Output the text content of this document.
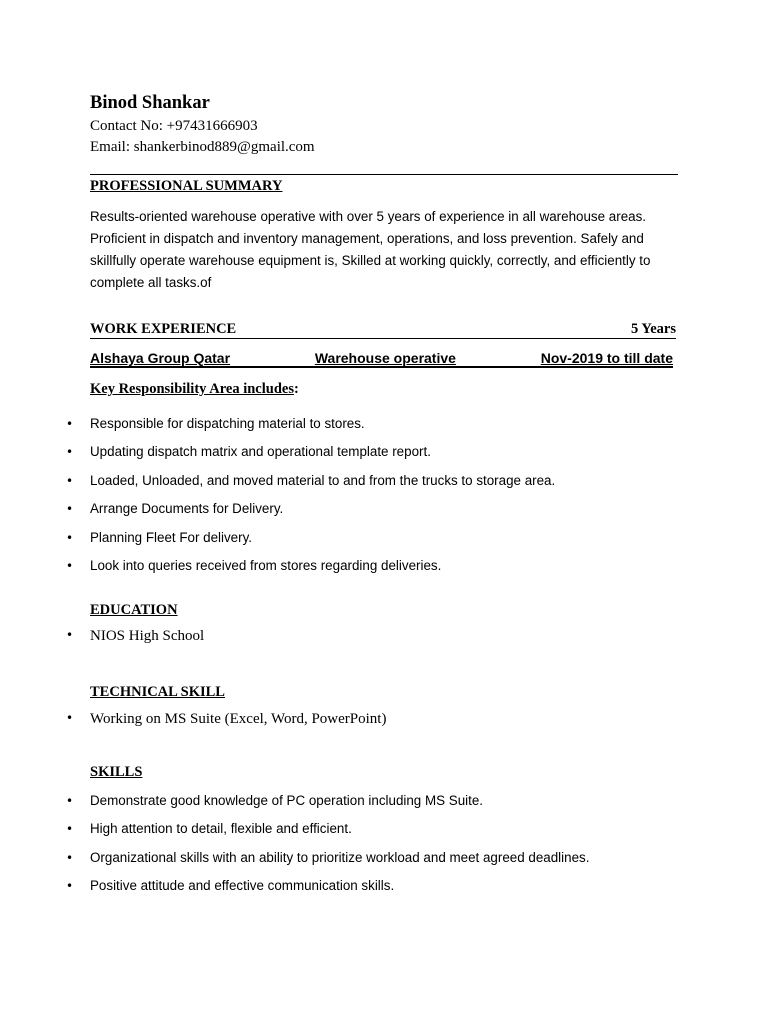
Binod Shankar
Contact No: +97431666903
Email: shankerbinod889@gmail.com
PROFESSIONAL SUMMARY
Results-oriented warehouse operative with over 5 years of experience in all warehouse areas. Proficient in dispatch and inventory management, operations, and loss prevention. Safely and skillfully operate warehouse equipment is, Skilled at working quickly, correctly, and efficiently to complete all tasks.of
WORK EXPERIENCE	5 Years
Alshaya Group Qatar	Warehouse operative	Nov-2019 to till date
Key Responsibility Area includes:
• Responsible for dispatching material to stores.
• Updating dispatch matrix and operational template report.
• Loaded, Unloaded, and moved material to and from the trucks to storage area.
• Arrange Documents for Delivery.
• Planning Fleet For delivery.
• Look into queries received from stores regarding deliveries.
EDUCATION
• NIOS High School
TECHNICAL SKILL
• Working on MS Suite (Excel, Word, PowerPoint)
SKILLS
• Demonstrate good knowledge of PC operation including MS Suite.
• High attention to detail, flexible and efficient.
• Organizational skills with an ability to prioritize workload and meet agreed deadlines.
• Positive attitude and effective communication skills.
